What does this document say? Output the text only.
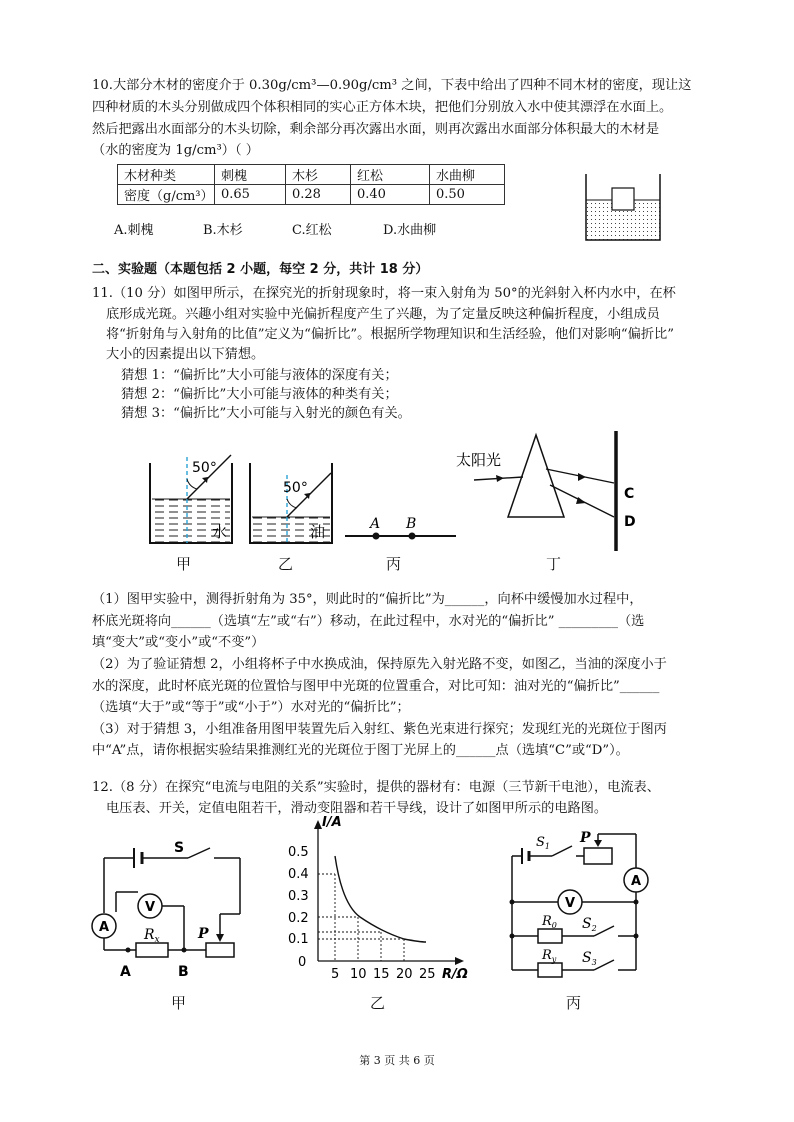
10.大部分木材的密度介于 0.30g/cm³—0.90g/cm³ 之间，下表中给出了四种不同木材的密度，现让这
四种材质的木头分别做成四个体积相同的实心正方体木块，把他们分别放入水中使其漂浮在水面上。
然后把露出水面部分的木头切除，剩余部分再次露出水面，则再次露出水面部分体积最大的木材是
（水的密度为 1g/cm³）（ ）
木材种类	刺槐	木杉	红松	水曲柳
密度（g/cm³）	0.65	0.28	0.40	0.50
A.刺槐	B.木杉	C.红松	D.水曲柳
二、实验题（本题包括 2 小题，每空 2 分，共计 18 分）
11.（10 分）如图甲所示，在探究光的折射现象时，将一束入射角为 50°的光斜射入杯内水中，在杯
底形成光斑。兴趣小组对实验中光偏折程度产生了兴趣，为了定量反映这种偏折程度，小组成员
将“折射角与入射角的比值”定义为“偏折比”。根据所学物理知识和生活经验，他们对影响“偏折比”
大小的因素提出以下猜想。
猜想 1：“偏折比”大小可能与液体的深度有关；
猜想 2：“偏折比”大小可能与液体的种类有关；
猜想 3：“偏折比”大小可能与入射光的颜色有关。
50°
水
50°
油	A B
太阳光
C
D
甲	乙	丙	丁
（1）图甲实验中，测得折射角为 35°，则此时的“偏折比”为______，向杯中缓慢加水过程中，
杯底光斑将向______（选填“左”或“右”）移动，在此过程中，水对光的“偏折比” _________（选
填“变大”或“变小”或“不变”）
（2）为了验证猜想 2，小组将杯子中水换成油，保持原先入射光路不变，如图乙，当油的深度小于
水的深度，此时杯底光斑的位置恰与图甲中光斑的位置重合，对比可知：油对光的“偏折比”______
（选填“大于”或“等于”或“小于”）水对光的“偏折比”；
（3）对于猜想 3，小组准备用图甲装置先后入射红、紫色光束进行探究；发现红光的光斑位于图丙
中“A”点，请你根据实验结果推测红光的光斑位于图丁光屏上的______点（选填“C”或“D”）。
12.（8 分）在探究“电流与电阻的关系”实验时，提供的器材有：电源（三节新干电池），电流表、
电压表、开关，定值电阻若干，滑动变阻器和若干导线，设计了如图甲所示的电路图。
S
V
A $R_x$	P
A	B
甲
I/A
R/Ω
0.5
0.4
0.3
0.2
0.1
0
5 10 15 20 25
乙
$S_1$
P
A
V
$R_0$ $S_2$
$R_y$ $S_3$
丙
第 3 页 共 6 页
